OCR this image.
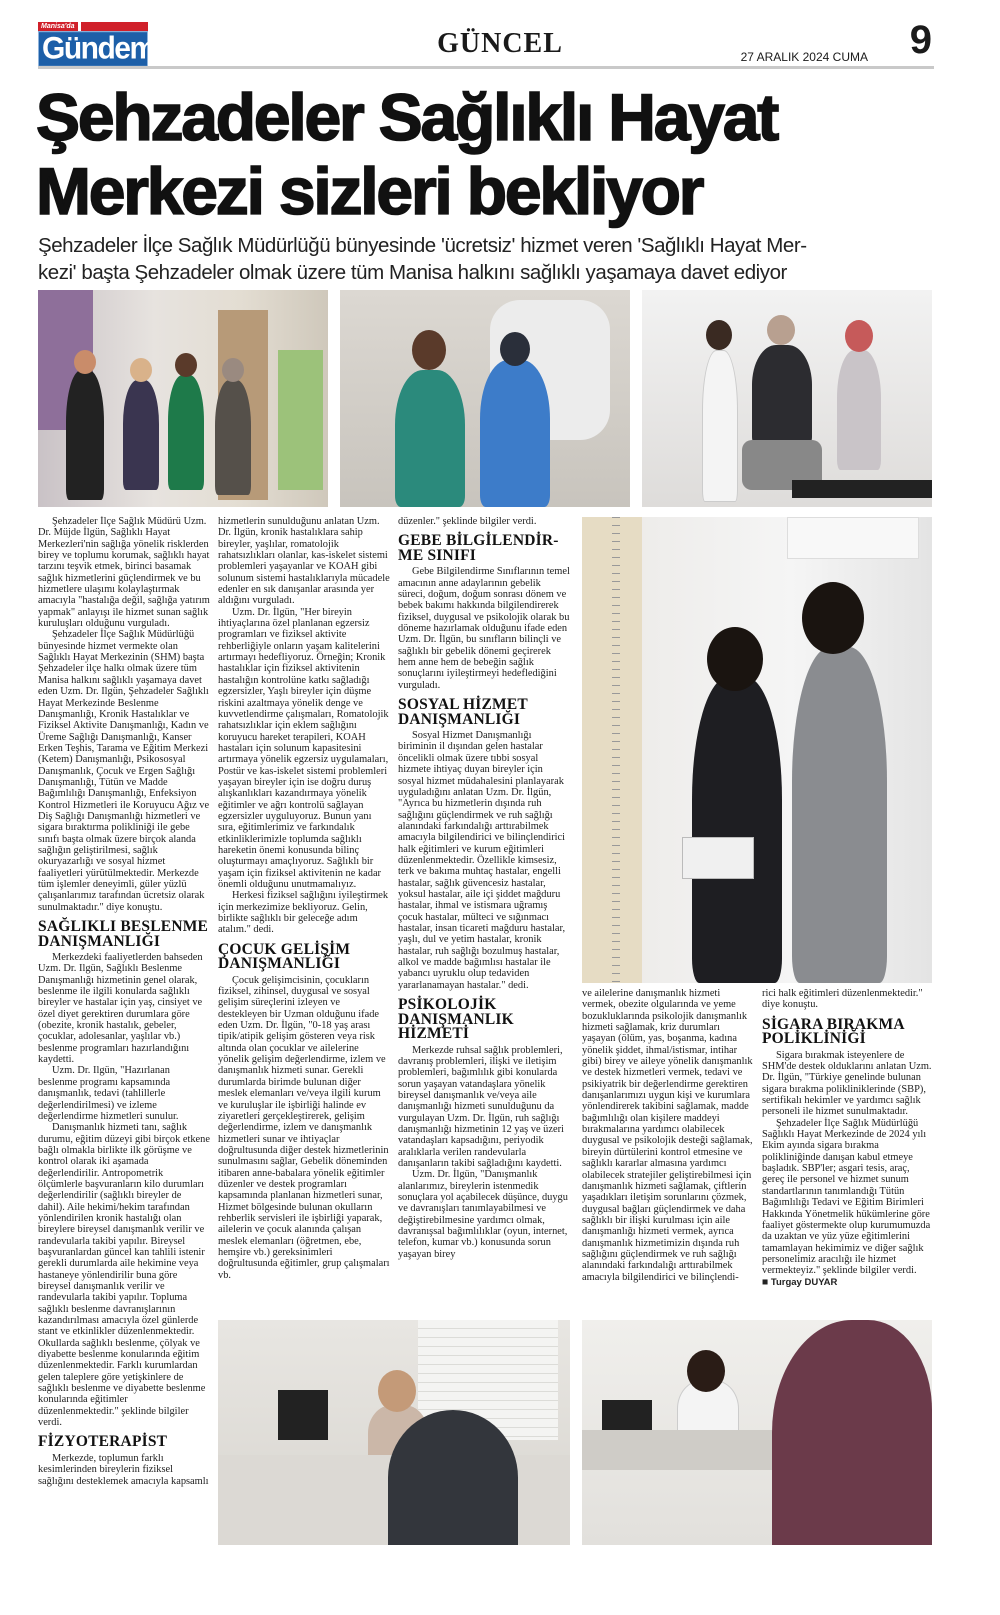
Manisa'da
Gündem	GÜNCEL	27 ARALIK 2024 CUMA 9
Şehzadeler Sağlıklı Hayat
Merkezi sizleri bekliyor
Şehzadeler İlçe Sağlık Müdürlüğü bünyesinde 'ücretsiz' hizmet veren 'Sağlıklı Hayat Mer-
kezi' başta Şehzadeler olmak üzere tüm Manisa halkını sağlıklı yaşamaya davet ediyor

Şehzadeler İlçe Sağlık Müdürü Uzm. Dr. Müjde İlgün, Sağlıklı Hayat Merkezleri'nin sağlığa yönelik risklerden birey ve toplumu korumak, sağlıklı hayat tarzını teşvik etmek, birinci basamak sağlık hizmetlerini güçlendirmek ve bu hizmetlere ulaşımı kolaylaştırmak amacıyla "hastalığa değil, sağlığa yatırım yapmak" anlayışı ile hizmet sunan sağlık kuruluşları olduğunu vurguladı.

Şehzadeler İlçe Sağlık Müdürlüğü bünyesinde hizmet vermekte olan Sağlıklı Hayat Merkezinin (SHM) başta Şehzadeler ilçe halkı olmak üzere tüm Manisa halkını sağlıklı yaşamaya davet eden Uzm. Dr. Ilgün, Şehzadeler Sağlıklı Hayat Merkezinde Beslenme Danışmanlığı, Kronik Hastalıklar ve Fiziksel Aktivite Danışmanlığı, Kadın ve Üreme Sağlığı Danışmanlığı, Kanser Erken Teşhis, Tarama ve Eğitim Merkezi (Ketem) Danışmanlığı, Psikososyal Danışmanlık, Çocuk ve Ergen Sağlığı Danışmanlığı, Tütün ve Madde Bağımlılığı Danışmanlığı, Enfeksiyon Kontrol Hizmetleri ile Koruyucu Ağız ve Diş Sağlığı Danışmanlığı hizmetleri ve sigara bıraktırma polikliniği ile gebe sınıfı başta olmak üzere birçok alanda sağlığın geliştirilmesi, sağlık okuryazarlığı ve sosyal hizmet faaliyetleri yürütülmektedir. Merkezde tüm işlemler deneyimli, güler yüzlü çalışanlarımız tarafından ücretsiz olarak sunulmaktadır." diye konuştu.

SAĞLIKLI BESLENME DANIŞMANLIĞI

Merkezdeki faaliyetlerden bahseden Uzm. Dr. Ilgün, Sağlıklı Beslenme Danışmanlığı hizmetinin genel olarak, beslenme ile ilgili konularda sağlıklı bireyler ve hastalar için yaş, cinsiyet ve özel diyet gerektiren durumlara göre (obezite, kronik hastalık, gebeler, çocuklar, adolesanlar, yaşlılar vb.) beslenme programları hazırlandığını kaydetti.

Uzm. Dr. Ilgün, "Hazırlanan beslenme programı kapsamında danışmanlık, tedavi (tahlillerle değerlendirilmesi) ve izleme değerlendirme hizmetleri sunulur.

Danışmanlık hizmeti tanı, sağlık durumu, eğitim düzeyi gibi birçok etkene bağlı olmakla birlikte ilk görüşme ve kontrol olarak iki aşamada değerlendirilir. Antropometrik ölçümlerle başvuranların kilo durumları değerlendirilir (sağlıklı bireyler de dahil). Aile hekimi/hekim tarafından yönlendirilen kronik hastalığı olan bireylere bireysel danışmanlık verilir ve randevularla takibi yapılır. Bireysel başvuranlardan güncel kan tahlili istenir gerekli durumlarda aile hekimine veya hastaneye yönlendirilir buna göre bireysel danışmanlık verilir ve randevularla takibi yapılır. Topluma sağlıklı beslenme davranışlarının kazandırılması amacıyla özel günlerde stant ve etkinlikler düzenlenmektedir. Okullarda sağlıklı beslenme, çölyak ve diyabette beslenme konularında eğitim düzenlenmektedir. Farklı kurumlardan gelen taleplere göre yetişkinlere de sağlıklı beslenme ve diyabette beslenme konularında eğitimler düzenlenmektedir." şeklinde bilgiler verdi.

FİZYOTERAPİST

Merkezde, toplumun farklı kesimlerinden bireylerin fiziksel sağlığını desteklemek amacıyla kapsamlı

hizmetlerin sunulduğunu anlatan Uzm. Dr. İlgün, kronik hastalıklara sahip bireyler, yaşlılar, romatolojik rahatsızlıkları olanlar, kas-iskelet sistemi problemleri yaşayanlar ve KOAH gibi solunum sistemi hastalıklarıyla mücadele edenler en sık danışanlar arasında yer aldığını vurguladı.

Uzm. Dr. İlgün, "Her bireyin ihtiyaçlarına özel planlanan egzersiz programları ve fiziksel aktivite rehberliğiyle onların yaşam kalitelerini artırmayı hedefliyoruz. Örneğin; Kronik hastalıklar için fiziksel aktivitenin hastalığın kontrolüne katkı sağladığı egzersizler, Yaşlı bireyler için düşme riskini azaltmaya yönelik denge ve kuvvetlendirme çalışmaları, Romatolojik rahatsızlıklar için eklem sağlığını koruyucu hareket terapileri, KOAH hastaları için solunum kapasitesini artırmaya yönelik egzersiz uygulamaları, Postür ve kas-iskelet sistemi problemleri yaşayan bireyler için ise doğru duruş alışkanlıkları kazandırmaya yönelik eğitimler ve ağrı kontrolü sağlayan egzersizler uyguluyoruz. Bunun yanı sıra, eğitimlerimiz ve farkındalık etkinliklerimizle toplumda sağlıklı hareketin önemi konusunda bilinç oluşturmayı amaçlıyoruz. Sağlıklı bir yaşam için fiziksel aktivitenin ne kadar önemli olduğunu unutmamalıyız.

Herkesi fiziksel sağlığını iyileştirmek için merkezimize bekliyoruz. Gelin, birlikte sağlıklı bir geleceğe adım atalım." dedi.

ÇOCUK GELİŞİM DANIŞMANLIĞI

Çocuk gelişimcisinin, çocukların fiziksel, zihinsel, duygusal ve sosyal gelişim süreçlerini izleyen ve destekleyen bir Uzman olduğunu ifade eden Uzm. Dr. İlgün, "0-18 yaş arası tipik/atipik gelişim gösteren veya risk altında olan çocuklar ve ailelerine yönelik gelişim değerlendirme, izlem ve danışmanlık hizmeti sunar. Gerekli durumlarda birimde bulunan diğer meslek elemanları ve/veya ilgili kurum ve kuruluşlar ile işbirliği halinde ev ziyaretleri gerçekleştirerek, gelişim değerlendirme, izlem ve danışmanlık hizmetleri sunar ve ihtiyaçlar doğrultusunda diğer destek hizmetlerinin sunulmasını sağlar, Gebelik döneminden itibaren anne-babalara yönelik eğitimler düzenler ve destek programları kapsamında planlanan hizmetleri sunar, Hizmet bölgesinde bulunan okulların rehberlik servisleri ile işbirliği yaparak, ailelerin ve çocuk alanında çalışan meslek elemanları (öğretmen, ebe, hemşire vb.) gereksinimleri doğrultusunda eğitimler, grup çalışmaları vb.

düzenler." şeklinde bilgiler verdi.

GEBE BİLGİLENDİR-ME SINIFI

Gebe Bilgilendirme Sınıflarının temel amacının anne adaylarının gebelik süreci, doğum, doğum sonrası dönem ve bebek bakımı hakkında bilgilendirerek fiziksel, duygusal ve psikolojik olarak bu döneme hazırlamak olduğunu ifade eden Uzm. Dr. İlgün, bu sınıfların bilinçli ve sağlıklı bir gebelik dönemi geçirerek hem anne hem de bebeğin sağlık sonuçlarını iyileştirmeyi hedeflediğini vurguladı.

SOSYAL HİZMET DANIŞMANLIĞI

Sosyal Hizmet Danışmanlığı biriminin il dışından gelen hastalar öncelikli olmak üzere tıbbi sosyal hizmete ihtiyaç duyan bireyler için sosyal hizmet müdahalesini planlayarak uyguladığını anlatan Uzm. Dr. İlgün, "Ayrıca bu hizmetlerin dışında ruh sağlığını güçlendirmek ve ruh sağlığı alanındaki farkındalığı arttırabilmek amacıyla bilgilendirici ve bilinçlendirici halk eğitimleri ve kurum eğitimleri düzenlenmektedir. Özellikle kimsesiz, terk ve bakıma muhtaç hastalar, engelli hastalar, sağlık güvencesiz hastalar, yoksul hastalar, aile içi şiddet mağduru hastalar, ihmal ve istismara uğramış çocuk hastalar, mülteci ve sığınmacı hastalar, insan ticareti mağduru hastalar, yaşlı, dul ve yetim hastalar, kronik hastalar, ruh sağlığı bozulmuş hastalar, alkol ve madde bağımlısı hastalar ile yabancı uyruklu olup tedaviden yararlanamayan hastalar." dedi.

PSİKOLOJİK DANIŞMANLIK HİZMETİ

Merkezde ruhsal sağlık problemleri, davranış problemleri, ilişki ve iletişim problemleri, bağımlılık gibi konularda sorun yaşayan vatandaşlara yönelik bireysel danışmanlık ve/veya aile danışmanlığı hizmeti sunulduğunu da vurgulayan Uzm. Dr. İlgün, ruh sağlığı danışmanlığı hizmetinin 12 yaş ve üzeri vatandaşları kapsadığını, periyodik aralıklarla verilen randevularla danışanların takibi sağladığını kaydetti.

Uzm. Dr. İlgün, "Danışmanlık alanlarımız, bireylerin istenmedik sonuçlara yol açabilecek düşünce, duygu ve davranışları tanımlayabilmesi ve değiştirebilmesine yardımcı olmak, davranışsal bağımlılıklar (oyun, internet, telefon, kumar vb.) konusunda sorun yaşayan birey

ve ailelerine danışmanlık hizmeti vermek, obezite olgularında ve yeme bozukluklarında psikolojik danışmanlık hizmeti sağlamak, kriz durumları yaşayan (ölüm, yas, boşanma, kadına yönelik şiddet, ihmal/istismar, intihar gibi) birey ve aileye yönelik danışmanlık ve destek hizmetleri vermek, tedavi ve psikiyatrik bir değerlendirme gerektiren danışanlarımızı uygun kişi ve kurumlara yönlendirerek takibini sağlamak, madde bağımlılığı olan kişilere maddeyi bırakmalarına yardımcı olabilecek duygusal ve psikolojik desteği sağlamak, bireyin dürtülerini kontrol etmesine ve sağlıklı kararlar almasına yardımcı olabilecek stratejiler geliştirebilmesi için danışmanlık hizmeti sağlamak, çiftlerin yaşadıkları iletişim sorunlarını çözmek, duygusal bağları güçlendirmek ve daha sağlıklı bir ilişki kurulması için aile danışmanlığı hizmeti vermek, ayrıca danışmanlık hizmetimizin dışında ruh sağlığını güçlendirmek ve ruh sağlığı alanındaki farkındalığı arttırabilmek amacıyla bilgilendirici ve bilinçlendi-

rici halk eğitimleri düzenlenmektedir." diye konuştu.

SİGARA BIRAKMA POLİKLİNİĞİ

Sigara bırakmak isteyenlere de SHM'de destek olduklarını anlatan Uzm. Dr. İlgün, "Türkiye genelinde bulunan sigara bırakma polikliniklerinde (SBP), sertifikalı hekimler ve yardımcı sağlık personeli ile hizmet sunulmaktadır.

Şehzadeler İlçe Sağlık Müdürlüğü Sağlıklı Hayat Merkezinde de 2024 yılı Ekim ayında sigara bırakma polikliniğinde danışan kabul etmeye başladık. SBP'ler; asgari tesis, araç, gereç ile personel ve hizmet sunum standartlarının tanımlandığı Tütün Bağımlılığı Tedavi ve Eğitim Birimleri Hakkında Yönetmelik hükümlerine göre faaliyet göstermekte olup kurumumuzda da uzaktan ve yüz yüze eğitimlerini tamamlayan hekimimiz ve diğer sağlık personelimiz aracılığı ile hizmet vermekteyiz." şeklinde bilgiler verdi.

■ Turgay DUYAR
